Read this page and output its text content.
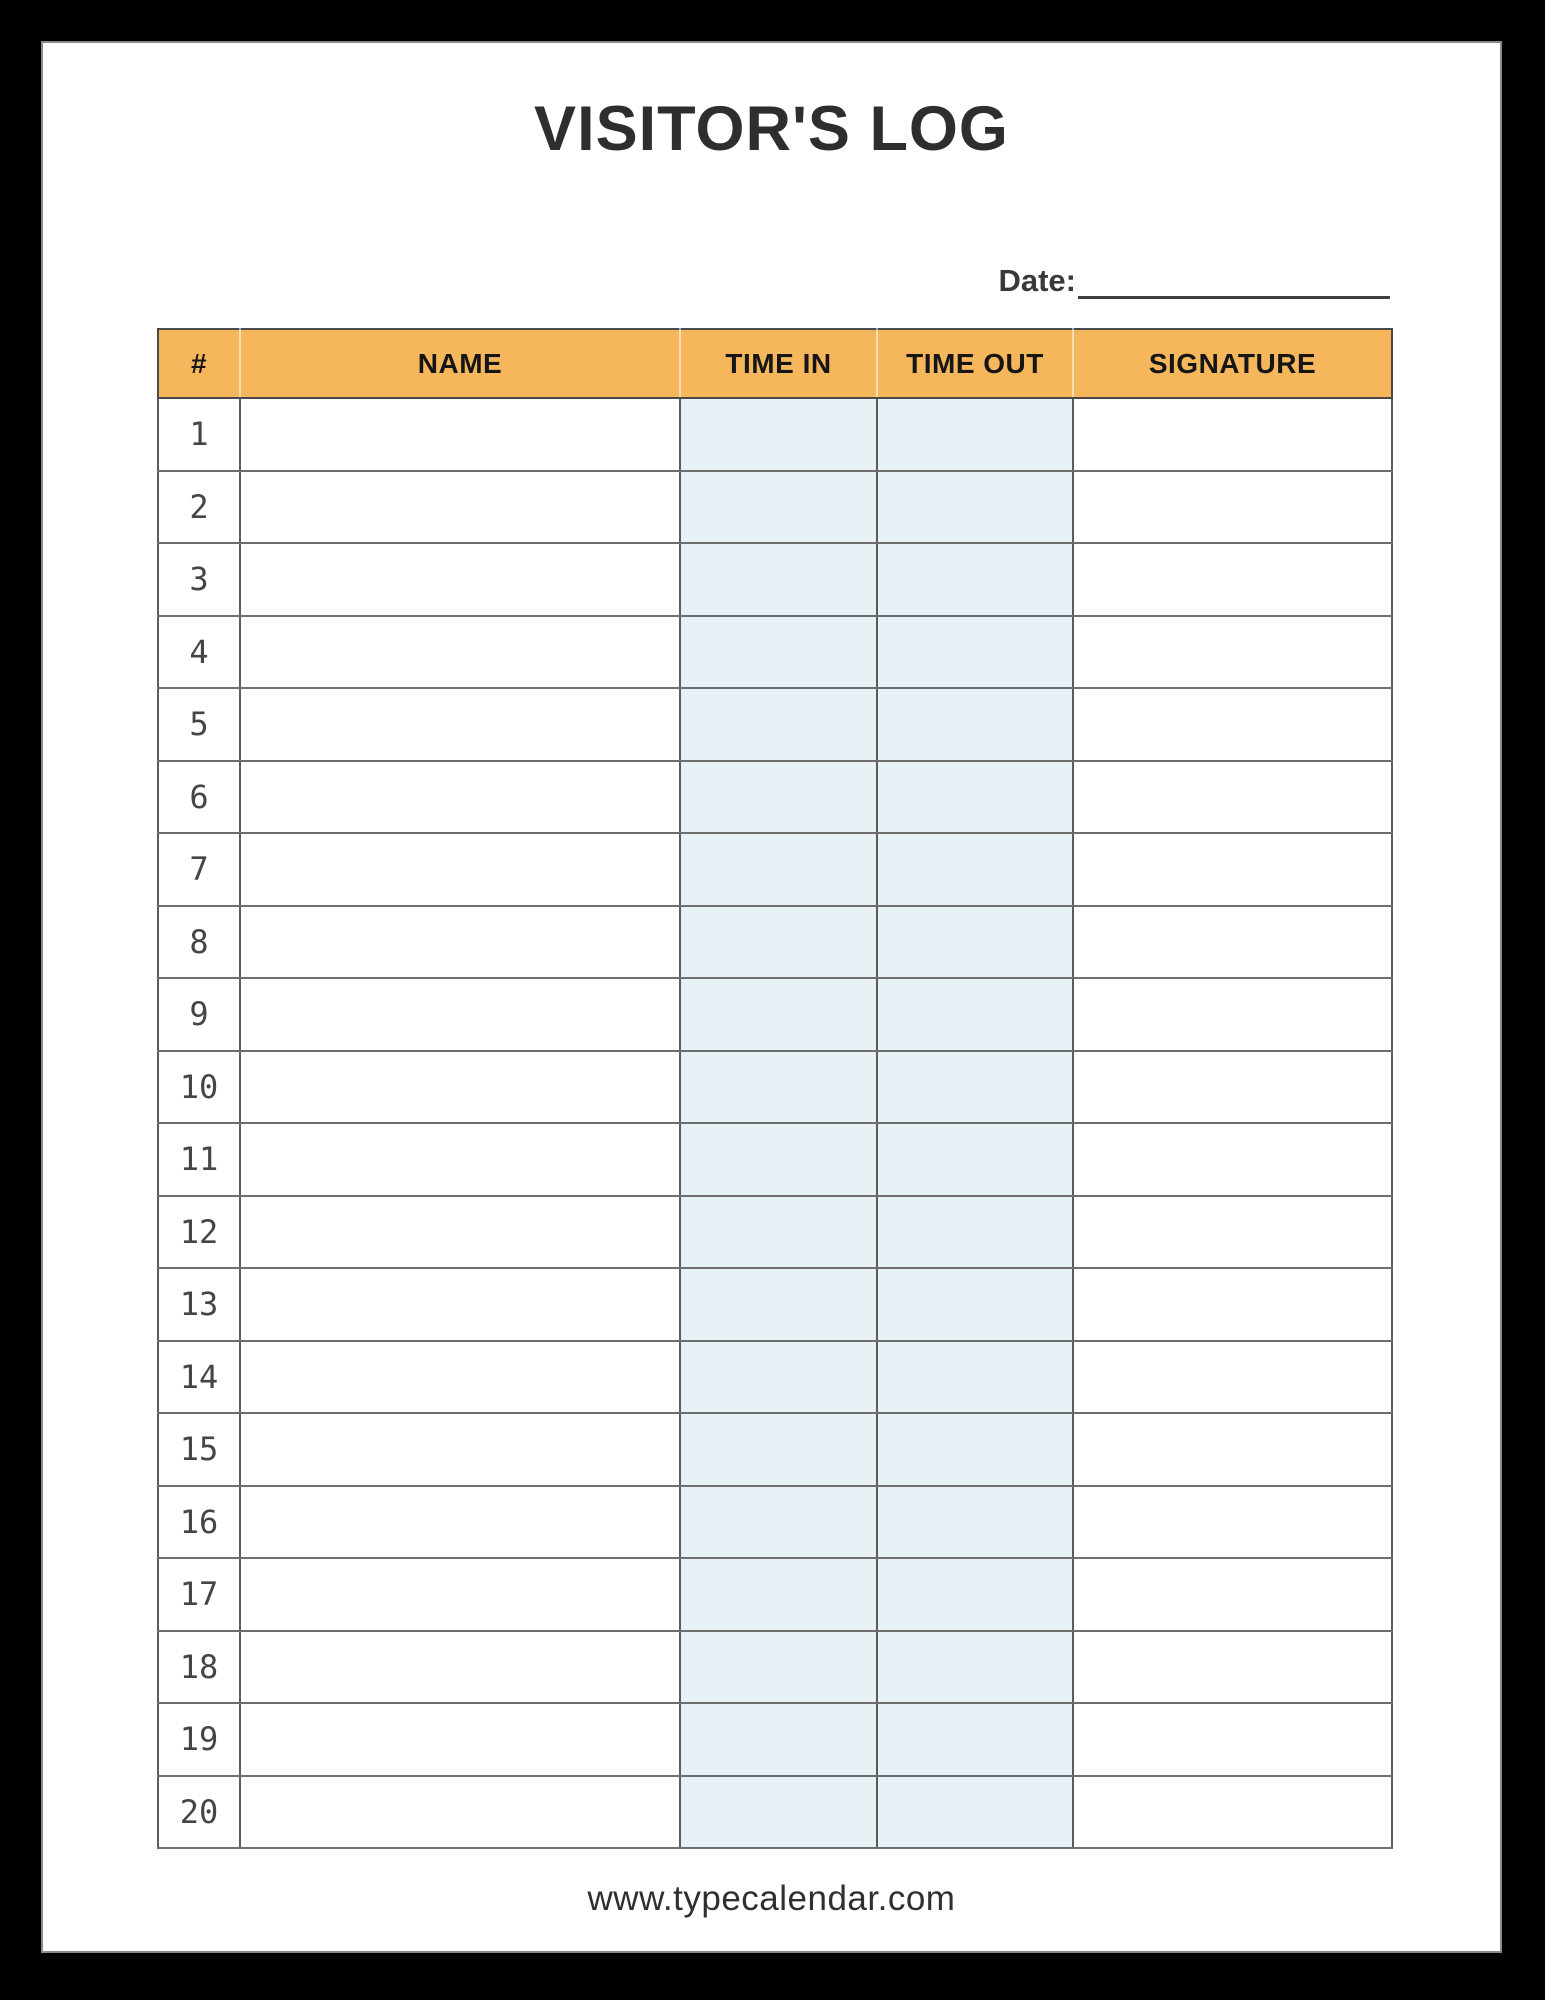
VISITOR'S LOG
Date:
#	NAME	TIME IN	TIME OUT	SIGNATURE
1				
2				
3				
4				
5				
6				
7				
8				
9				
10				
11				
12				
13				
14				
15				
16				
17				
18				
19				
20				
www.typecalendar.com
